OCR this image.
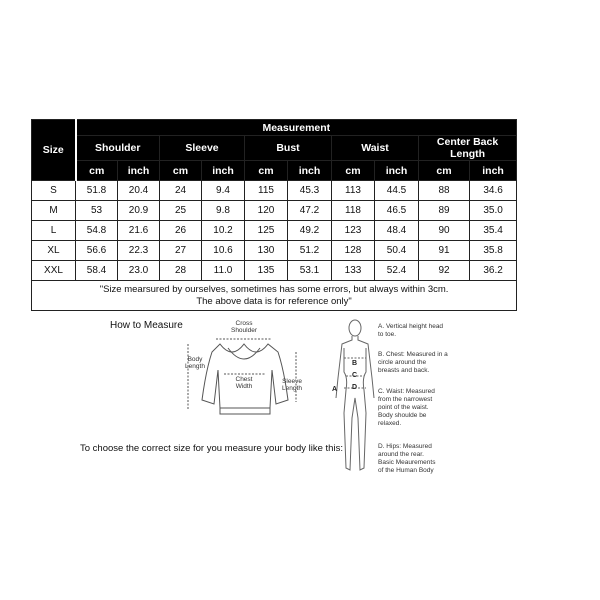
Size	Measurement									
	Shoulder		Sleeve		Bust		Waist		Center Back Length	
	cm	inch	cm	inch	cm	inch	cm	inch	cm	inch
S	51.8	20.4	24	9.4	115	45.3	113	44.5	88	34.6
M	53	20.9	25	9.8	120	47.2	118	46.5	89	35.0
L	54.8	21.6	26	10.2	125	49.2	123	48.4	90	35.4
XL	56.6	22.3	27	10.6	130	51.2	128	50.4	91	35.8
XXL	58.4	23.0	28	11.0	135	53.1	133	52.4	92	36.2

"Size mearsured by ourselves, sometimes has some errors, but always within 3cm.
The above data is for reference only"										
How to Measure	Cross
Shoulder
Body
Length
Chest
Width
Sleeve
Length
To choose the correct size for you measure your body like this:
A
B
C
D
A. Vertical height head
to toe.
B. Chest: Measured in a
circle around the
breasts and back.
C. Waist: Measured
from the narrowest
point of the waist.
Body shoulde be
relaxed.
D. Hips: Measured
around the rear.
Basic Meaurements
of the Human Body
